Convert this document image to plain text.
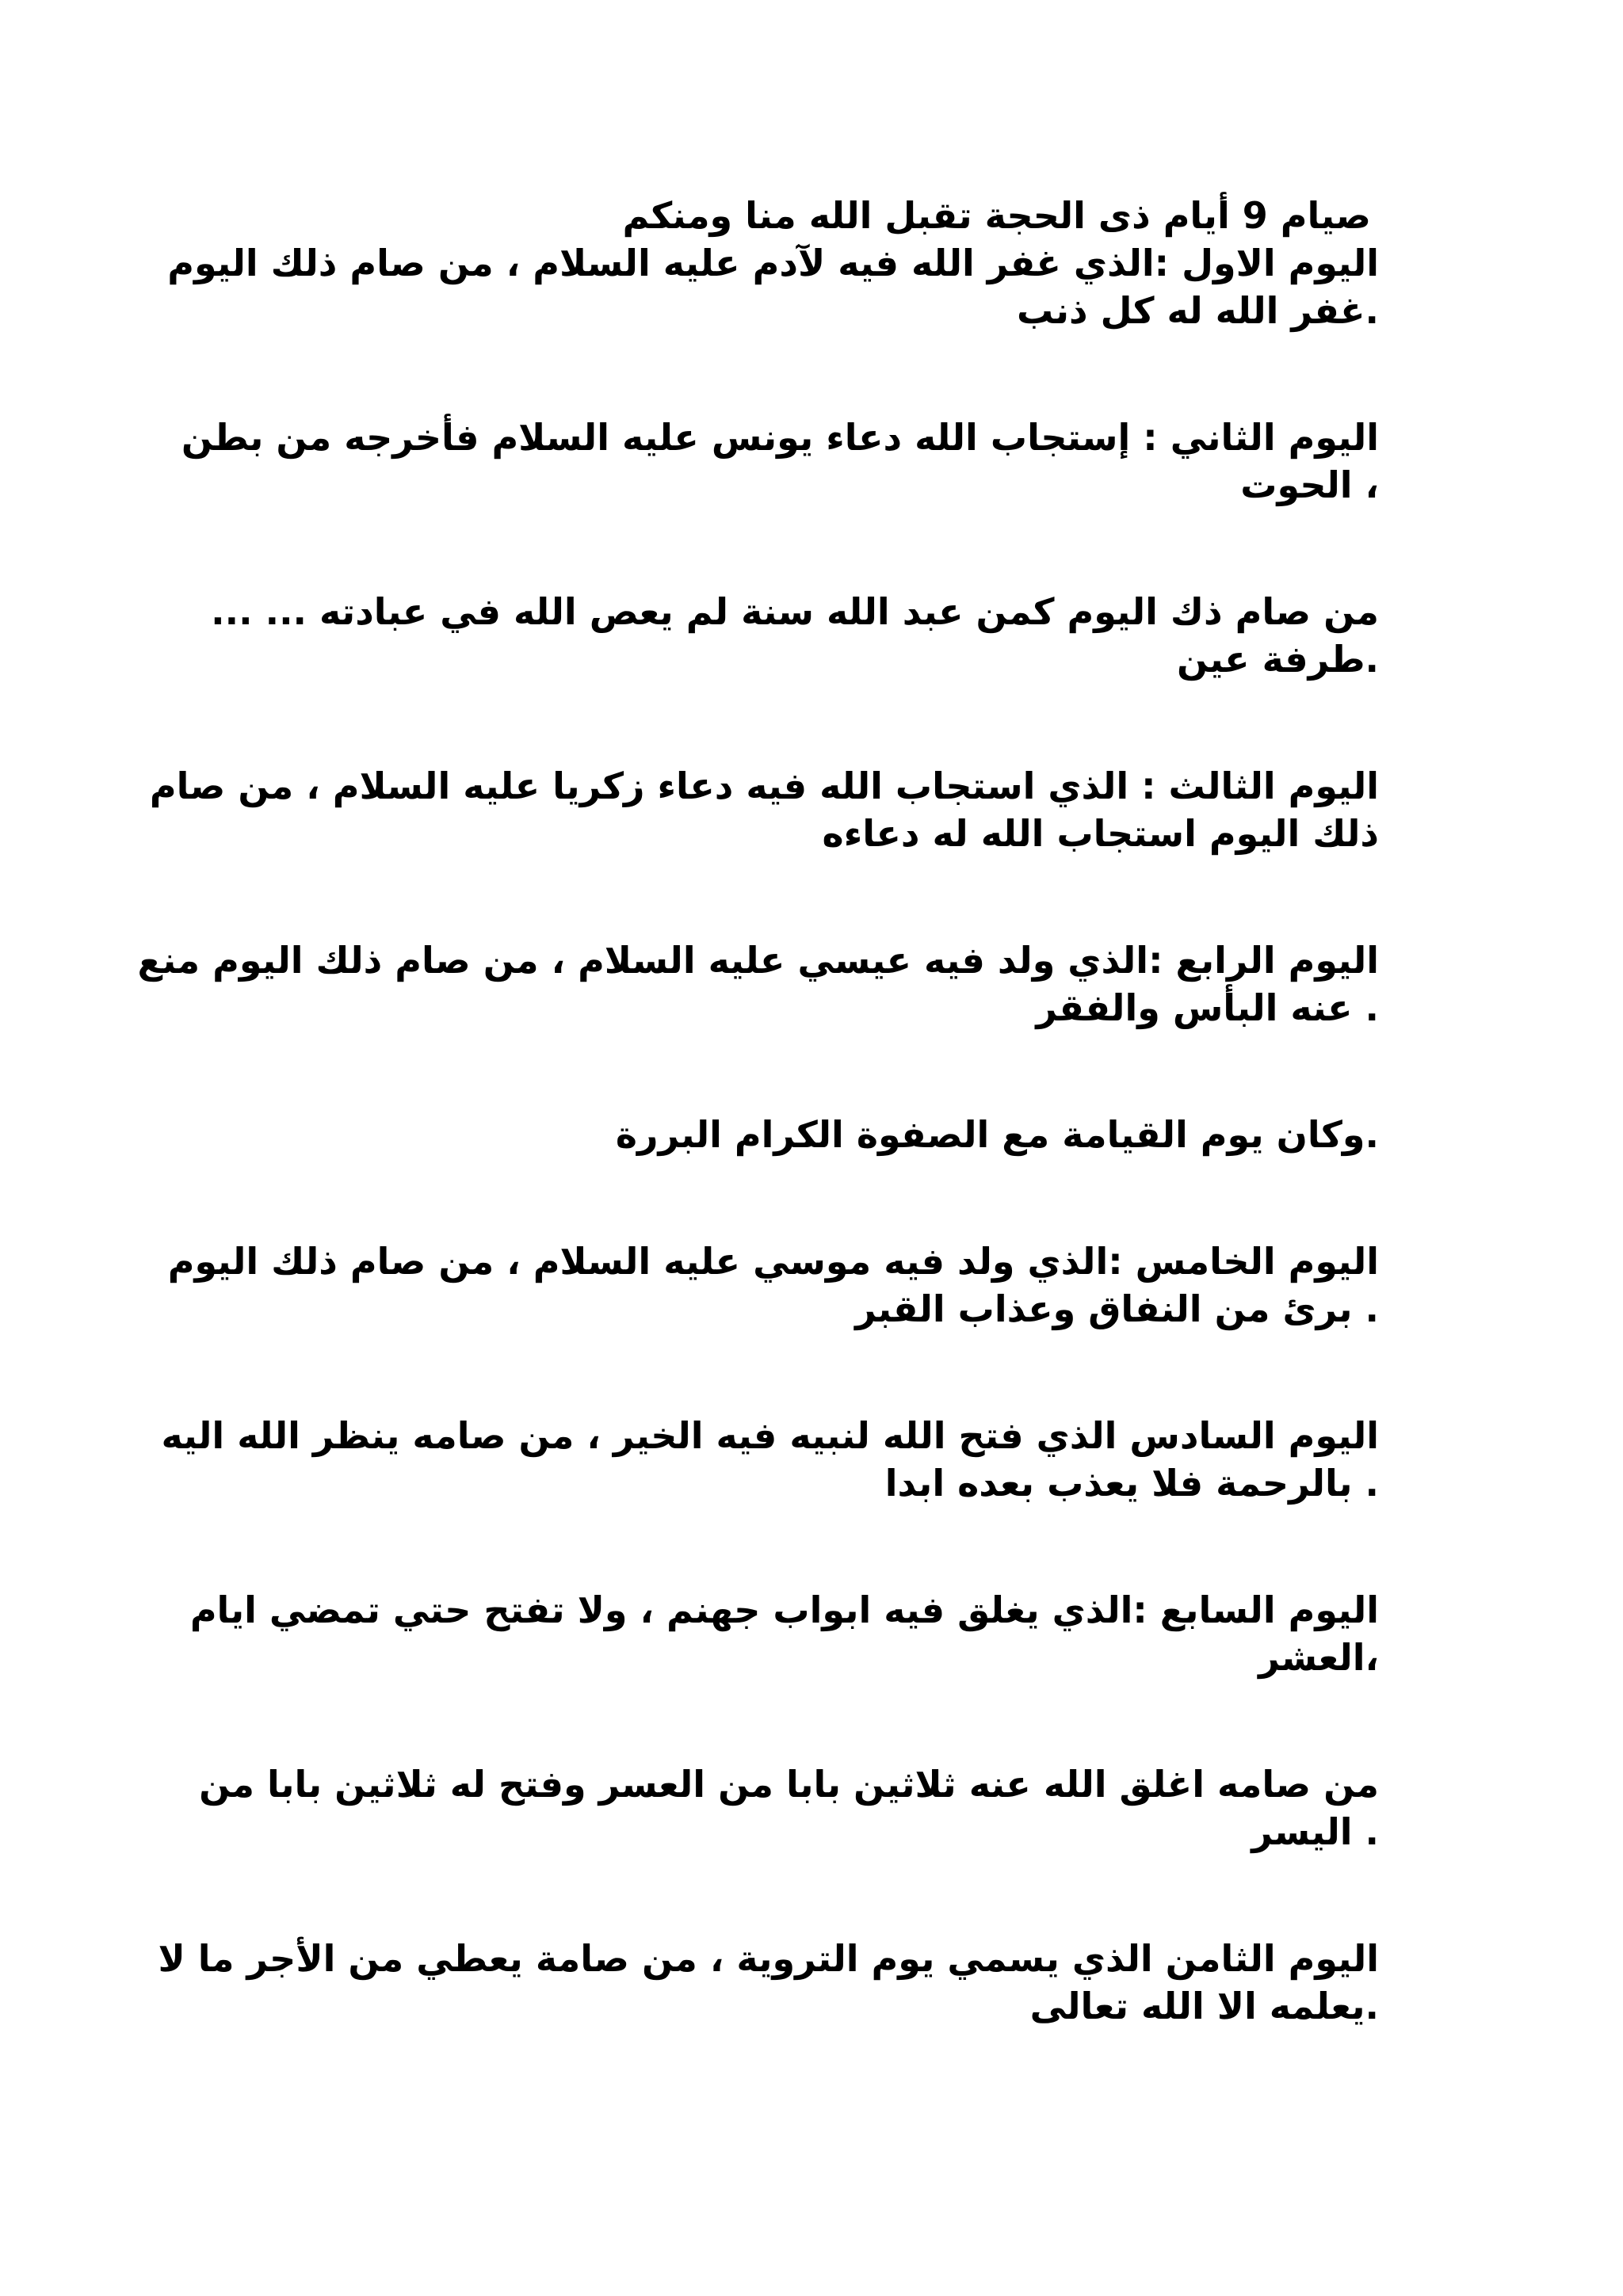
صيام 9 أيام ذى الحجة تقبل الله منا ومنكم
اليوم الاول :الذي غفر الله فيه لآدم عليه السلام ، من صام ذلك اليوم
.غفر الله له كل ذنب
اليوم الثاني : إستجاب الله دعاء يونس عليه السلام فأخرجه من بطن
، الحوت
من صام ذك اليوم كمن عبد الله سنة لم يعص الله في عبادته ... ...
.طرفة عين
اليوم الثالث : الذي استجاب الله فيه دعاء زكريا عليه السلام ، من صام
ذلك اليوم استجاب الله له دعاءه
اليوم الرابع :الذي ولد فيه عيسي عليه السلام ، من صام ذلك اليوم منع
. عنه البأس والفقر
.وكان يوم القيامة مع الصفوة الكرام البررة
اليوم الخامس :الذي ولد فيه موسي عليه السلام ، من صام ذلك اليوم
. برئ من النفاق وعذاب القبر
اليوم السادس الذي فتح الله لنبيه فيه الخير ، من صامه ينظر الله اليه
. بالرحمة فلا يعذب بعده ابدا
اليوم السابع :الذي يغلق فيه ابواب جهنم ، ولا تفتح حتي تمضي ايام
،العشر
من صامه اغلق الله عنه ثلاثين بابا من العسر وفتح له ثلاثين بابا من
. اليسر
اليوم الثامن الذي يسمي يوم التروية ، من صامة يعطي من الأجر ما لا
.يعلمه الا الله تعالى
